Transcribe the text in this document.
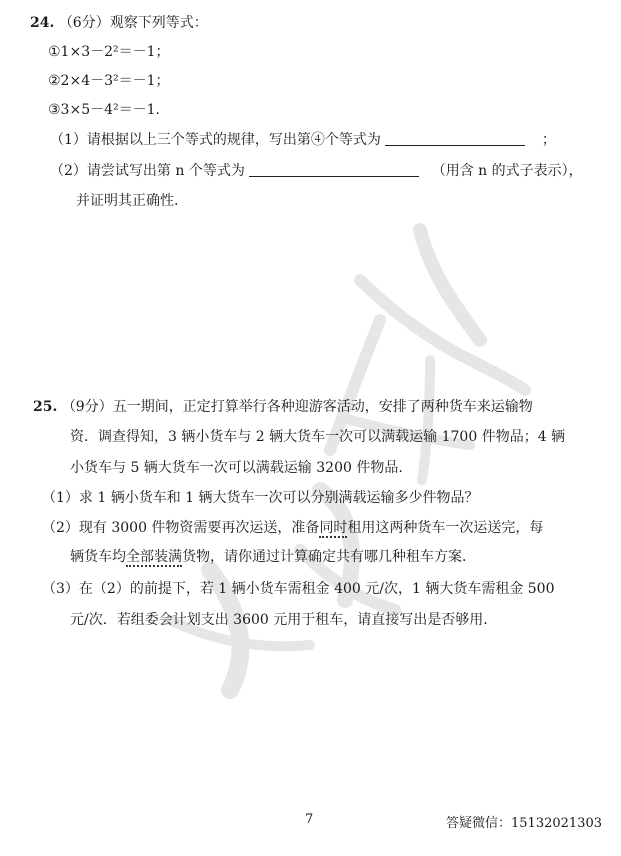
24. （6分）观察下列等式：
①1×3－2²＝－1；
②2×4－3²＝－1；
③3×5－4²＝－1.
（1）请根据以上三个等式的规律，写出第④个等式为	；
（2）请尝试写出第 n 个等式为	（用含 n 的式子表示），
并证明其正确性.
25. （9分）五一期间，正定打算举行各种迎游客活动，安排了两种货车来运输物
资．调查得知，3 辆小货车与 2 辆大货车一次可以满载运输 1700 件物品；4 辆
小货车与 5 辆大货车一次可以满载运输 3200 件物品.
（1）求 1 辆小货车和 1 辆大货车一次可以分别满载运输多少件物品？
（2）现有 3000 件物资需要再次运送，准备同时租用这两种货车一次运送完，每
辆货车均全部装满货物，请你通过计算确定共有哪几种租车方案.
（3）在（2）的前提下，若 1 辆小货车需租金 400 元/次，1 辆大货车需租金 500
元/次．若组委会计划支出 3600 元用于租车，请直接写出是否够用.
7	答疑微信：15132021303
